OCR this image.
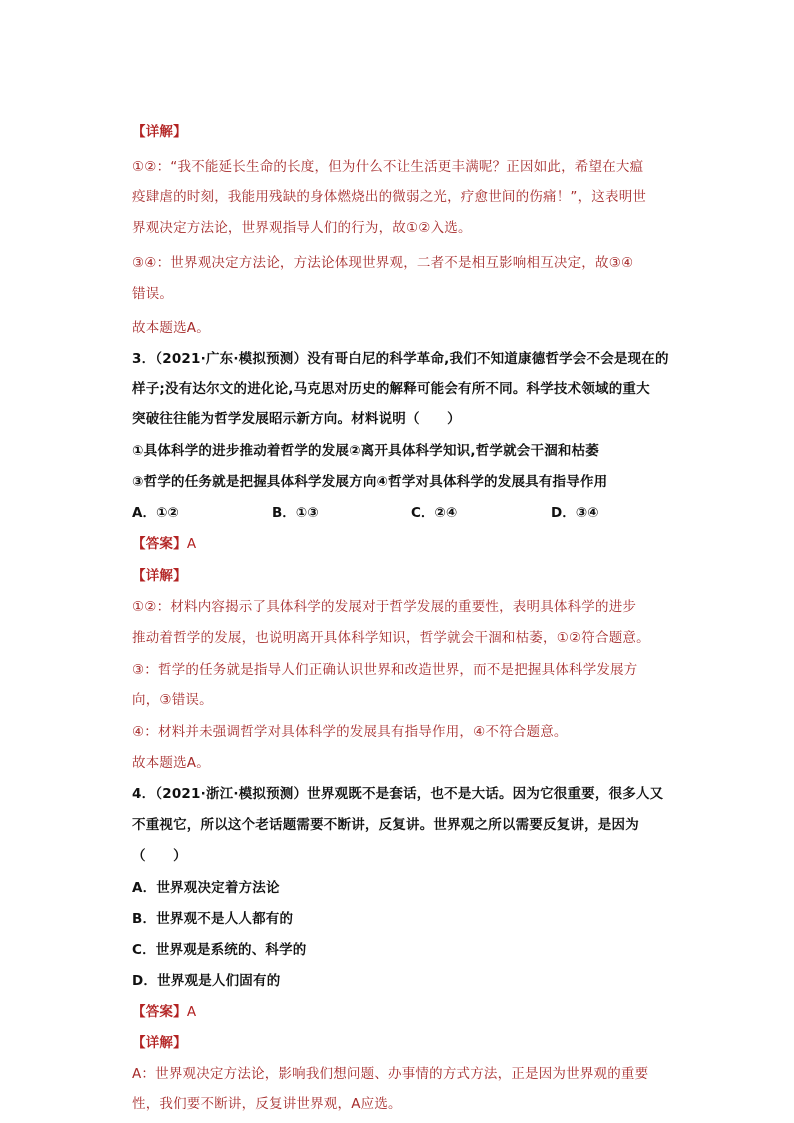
【详解】
①②：“我不能延长生命的长度，但为什么不让生活更丰满呢？正因如此，希望在大瘟
疫肆虐的时刻，我能用残缺的身体燃烧出的微弱之光，疗愈世间的伤痛！”，这表明世
界观决定方法论，世界观指导人们的行为，故①②入选。
③④：世界观决定方法论，方法论体现世界观，二者不是相互影响相互决定，故③④
错误。
故本题选A。
3．（2021·广东·模拟预测）没有哥白尼的科学革命,我们不知道康德哲学会不会是现在的
样子;没有达尔文的进化论,马克思对历史的解释可能会有所不同。科学技术领域的重大
突破往往能为哲学发展昭示新方向。材料说明（　　）
①具体科学的进步推动着哲学的发展②离开具体科学知识,哲学就会干涸和枯萎
③哲学的任务就是把握具体科学发展方向④哲学对具体科学的发展具有指导作用
A．①②	B．①③	C．②④	D．③④
【答案】A
【详解】
①②：材料内容揭示了具体科学的发展对于哲学发展的重要性，表明具体科学的进步
推动着哲学的发展，也说明离开具体科学知识，哲学就会干涸和枯萎，①②符合题意。
③：哲学的任务就是指导人们正确认识世界和改造世界，而不是把握具体科学发展方
向，③错误。
④：材料并未强调哲学对具体科学的发展具有指导作用，④不符合题意。
故本题选A。
4．（2021·浙江·模拟预测）世界观既不是套话，也不是大话。因为它很重要，很多人又
不重视它，所以这个老话题需要不断讲，反复讲。世界观之所以需要反复讲，是因为
（　　）
A．世界观决定着方法论
B．世界观不是人人都有的
C．世界观是系统的、科学的
D．世界观是人们固有的
【答案】A
【详解】
A：世界观决定方法论，影响我们想问题、办事情的方式方法，正是因为世界观的重要
性，我们要不断讲，反复讲世界观，A应选。
